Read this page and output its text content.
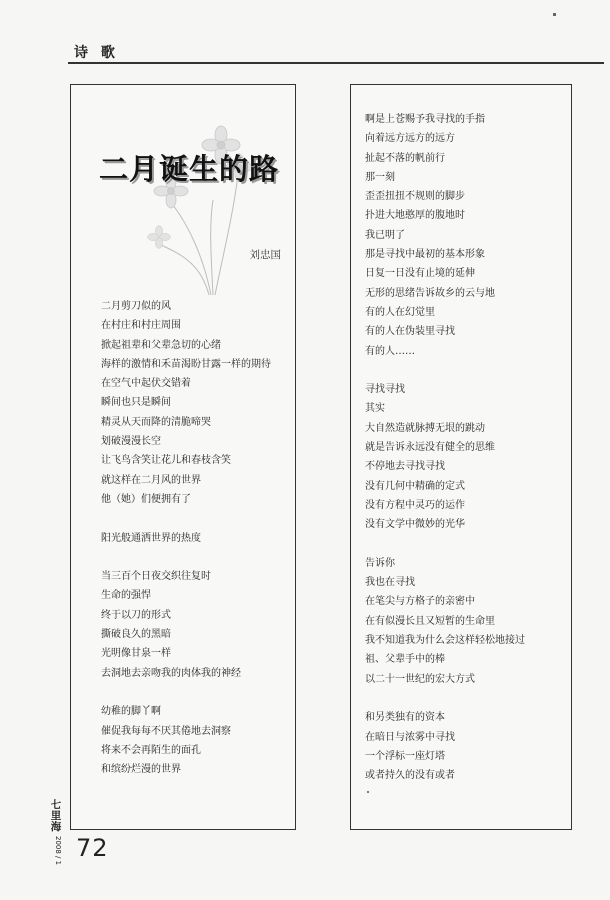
诗 歌
二月诞生的路
刘忠国
二月剪刀似的风
在村庄和村庄周围
掀起祖辈和父辈急切的心绪
海样的激情和禾苗渴盼甘露一样的期待
在空气中起伏交错着
瞬间也只是瞬间
精灵从天而降的清脆啼哭
划破漫漫长空
让飞鸟含笑让花儿和春枝含笑
就这样在二月风的世界
他（她）们便拥有了
阳光般通洒世界的热度
当三百个日夜交织往复时
生命的强悍
终于以刀的形式
撕破良久的黑暗
光明像甘泉一样
去洞地去亲吻我的肉体我的神经
幼稚的脚丫啊
催促我每每不厌其倦地去洞察
将来不会再陌生的面孔
和缤纷烂漫的世界
啊是上苍赐予我寻找的手指
向着远方远方的远方
扯起不落的帆前行
那一刻
歪歪扭扭不规则的脚步
扑进大地憨厚的腹地时
我已明了
那是寻找中最初的基本形象
日复一日没有止境的延伸
无形的思绪告诉故乡的云与地
有的人在幻觉里
有的人在伪装里寻找
有的人……
寻找寻找
其实
大自然造就脉搏无垠的跳动
就是告诉永远没有健全的思维
不停地去寻找寻找
没有几何中精确的定式
没有方程中灵巧的运作
没有文学中微妙的光华
告诉你
我也在寻找
在笔尖与方格子的亲密中
在有似漫长且又短暂的生命里
我不知道我为什么会这样轻松地接过
祖、父辈手中的棒
以二十一世纪的宏大方式
和另类独有的资本
在暗日与浓雾中寻找
一个浮标一座灯塔
或者持久的没有或者
七里海
2008 / 1 72
